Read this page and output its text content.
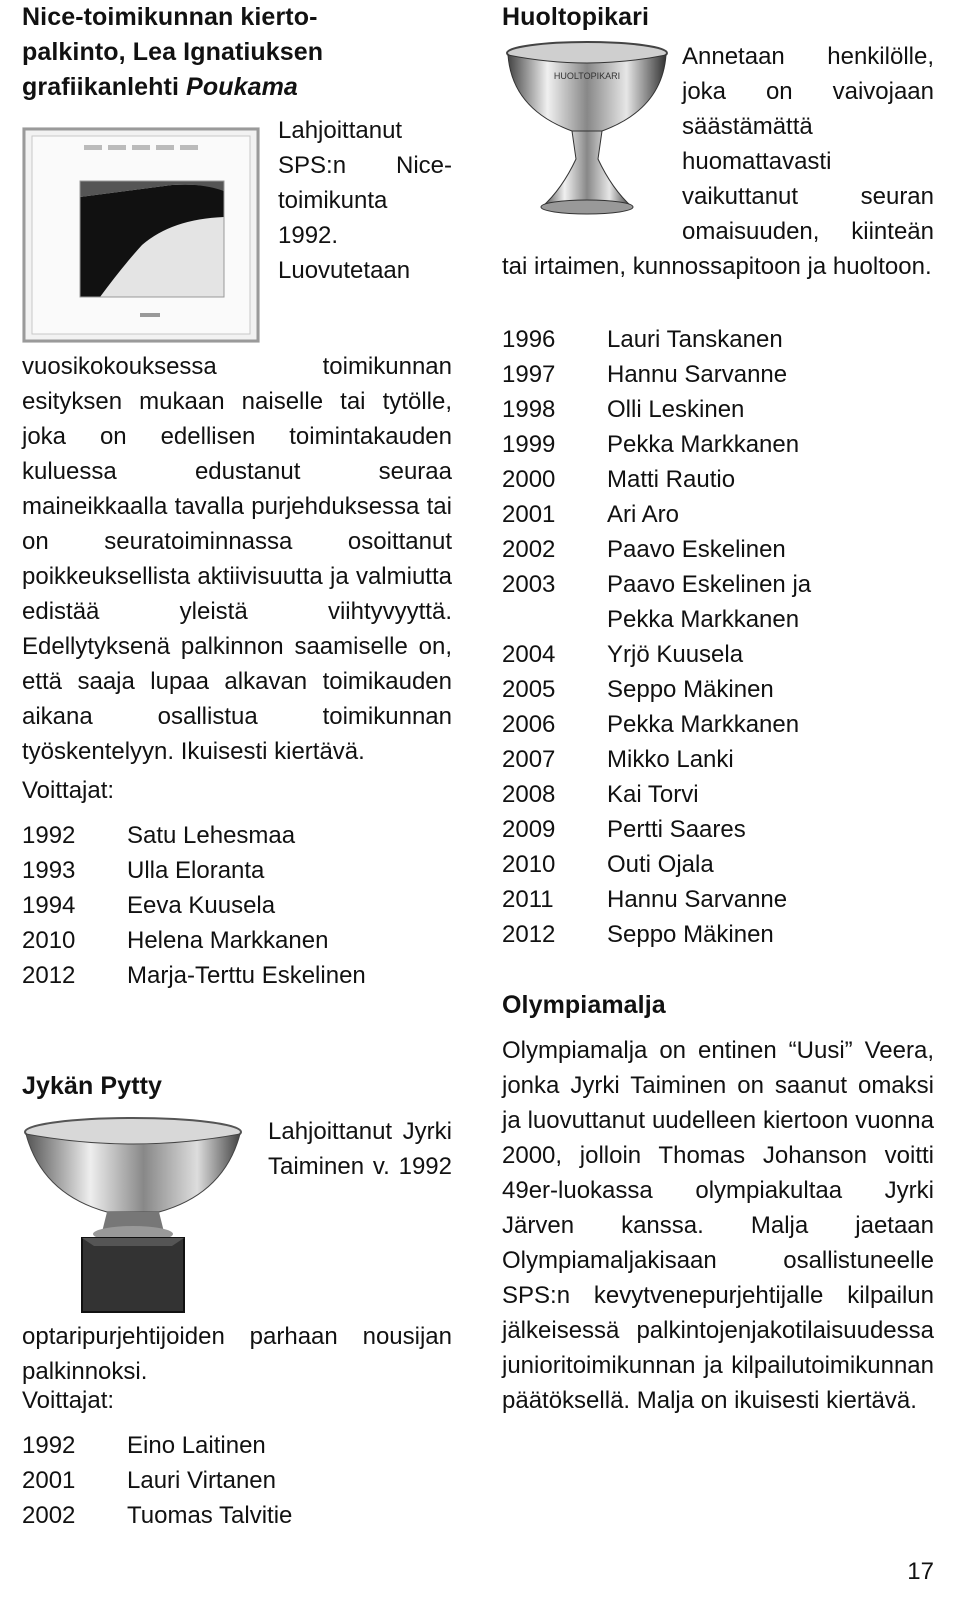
Nice-toimikunnan kierto-
palkinto, Lea Ignatiuksen
grafiikanlehti Poukama

Lahjoittanut SPS:n Nice-toimikunta 1992. Luovutetaan vuosikokouksessa toimikunnan esityksen mukaan naiselle tai tytölle, joka on edellisen toimintakauden kuluessa edustanut seuraa maineikkaalla tavalla purjehduksessa tai on seuratoiminnassa osoittanut poikkeuksellista aktiivisuutta ja valmiutta edistää yleistä viihtyvyyttä. Edellytyksenä palkinnon saamiselle on, että saaja lupaa alkavan toimikauden aikana osallistua toimikunnan työskentelyyn. Ikuisesti kiertävä.

Voittajat:

1992	Satu Lehesmaa
1993	Ulla Eloranta
1994	Eeva Kuusela
2010	Helena Markkanen
2012	Marja-Terttu Eskelinen
Jykän Pytty

Lahjoittanut Jyrki Taiminen v. 1992 optaripurjehtijoiden parhaan nousijan palkinnoksi.

Voittajat:

1992	Eino Laitinen
2001	Lauri Virtanen
2002	Tuomas Talvitie
Huoltopikari
HUOLTOPIKARI

Annetaan henkilölle, joka on vaivojaan säästämättä huomattavasti vaikuttanut seuran omaisuuden, kiinteän tai irtaimen, kunnossapitoon ja huoltoon.

1996	Lauri Tanskanen
1997	Hannu Sarvanne
1998	Olli Leskinen
1999	Pekka Markkanen
2000	Matti Rautio
2001	Ari Aro
2002	Paavo Eskelinen
2003	Paavo Eskelinen ja
Pekka Markkanen
2004	Yrjö Kuusela
2005	Seppo Mäkinen
2006	Pekka Markkanen
2007	Mikko Lanki
2008	Kai Torvi
2009	Pertti Saares
2010	Outi Ojala
2011	Hannu Sarvanne
2012	Seppo Mäkinen
Olympiamalja

Olympiamalja on entinen “Uusi” Veera, jonka Jyrki Taiminen on saanut omaksi ja luovuttanut uudelleen kiertoon vuonna 2000, jolloin Thomas Johanson voitti 49er-luokassa olympiakultaa Jyrki Järven kanssa. Malja jaetaan Olympiamaljakisaan osallistuneelle SPS:n kevytvenepurjehtijalle kilpailun jälkeisessä palkintojenjakotilaisuudessa junioritoimikunnan ja kilpailutoimikunnan päätöksellä. Malja on ikuisesti kiertävä.

17
